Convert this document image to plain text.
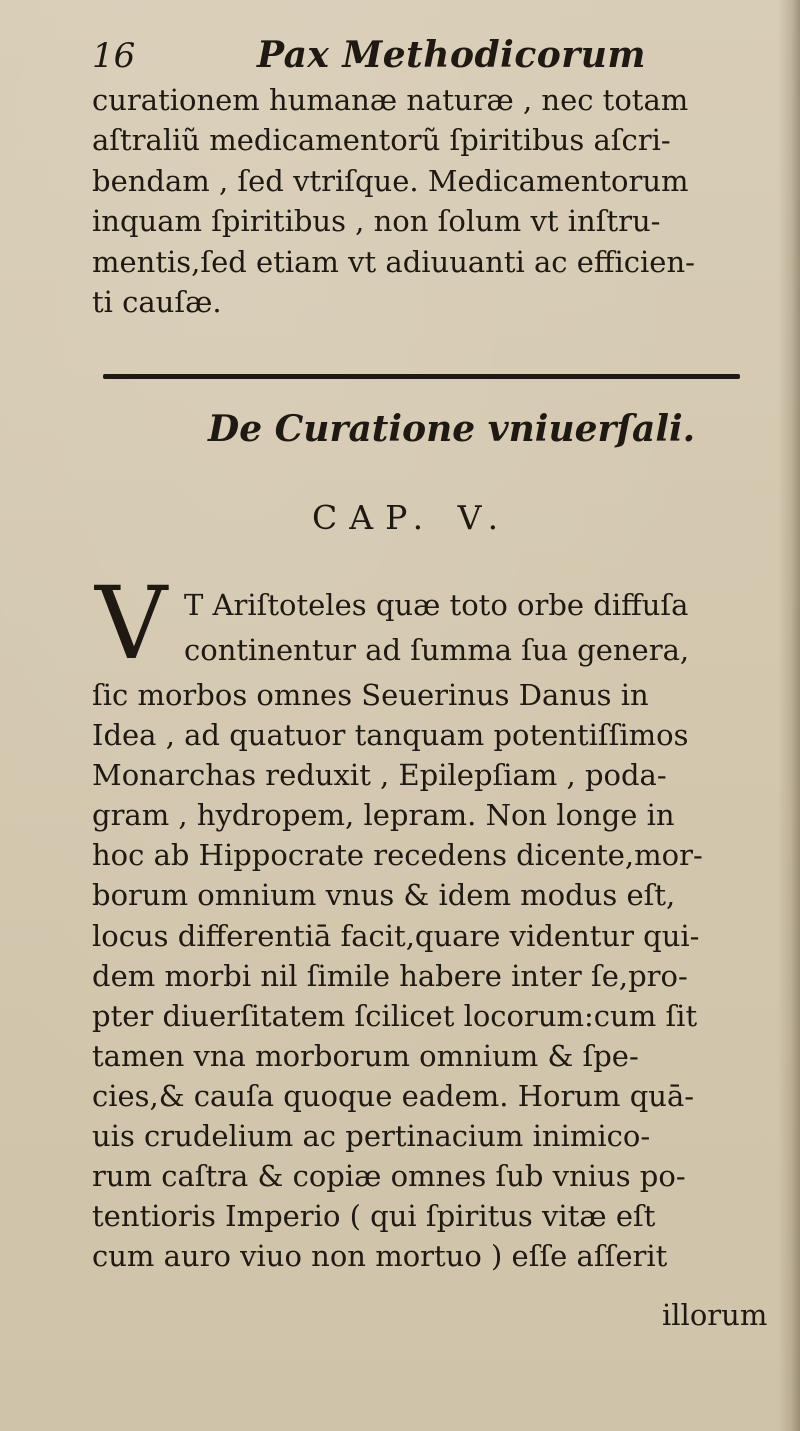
16	Pax Methodicorum
curationem humanæ naturæ , nec totam
aſtraliũ medicamentorũ ſpiritibus aſcri-
bendam , ſed vtriſque. Medicamentorum
inquam ſpiritibus , non ſolum vt inſtru-
mentis,ſed etiam vt adiuuanti ac efficien-
ti cauſæ.
De Curatione vniuerſali.
CAP. V.
V T Ariſtoteles quæ toto orbe diffuſa
continentur ad ſumma ſua genera,
ſic morbos omnes Seuerinus Danus in
Idea , ad quatuor tanquam potentiſſimos
Monarchas reduxit , Epilepſiam , poda-
gram , hydropem, lepram. Non longe in
hoc ab Hippocrate recedens dicente,mor-
borum omnium vnus & idem modus eſt,
locus differentiā facit,quare videntur qui-
dem morbi nil ſimile habere inter ſe,pro-
pter diuerſitatem ſcilicet locorum:cum ſit
tamen vna morborum omnium & ſpe-
cies,& cauſa quoque eadem. Horum quā-
uis crudelium ac pertinacium inimico-
rum caſtra & copiæ omnes ſub vnius po-
tentioris Imperio ( qui ſpiritus vitæ eſt
cum auro viuo non mortuo ) eſſe aſſerit
illorum
